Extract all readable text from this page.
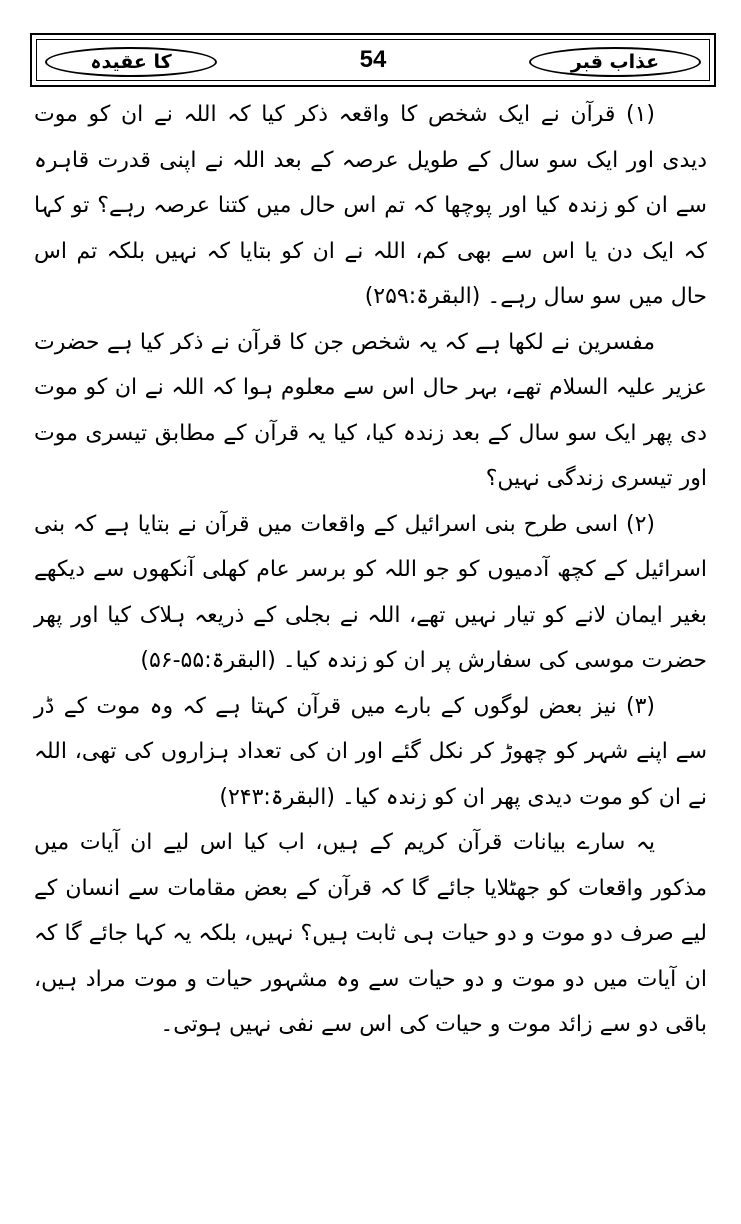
عذاب قبر
54
کا عقیدہ

(۱) قرآن نے ایک شخص کا واقعہ ذکر کیا کہ اللہ نے ان کو موت دیدی اور ایک سو سال کے طویل عرصہ کے بعد اللہ نے اپنی قدرت قاہرہ سے ان کو زندہ کیا اور پوچھا کہ تم اس حال میں کتنا عرصہ رہے؟ تو کہا کہ ایک دن یا اس سے بھی کم، اللہ نے ان کو بتایا کہ نہیں بلکہ تم اس حال میں سو سال رہے۔ (البقرۃ:۲۵۹)

مفسرین نے لکھا ہے کہ یہ شخص جن کا قرآن نے ذکر کیا ہے حضرت عزیر علیہ السلام تھے، بہر حال اس سے معلوم ہوا کہ اللہ نے ان کو موت دی پھر ایک سو سال کے بعد زندہ کیا، کیا یہ قرآن کے مطابق تیسری موت اور تیسری زندگی نہیں؟

(۲) اسی طرح بنی اسرائیل کے واقعات میں قرآن نے بتایا ہے کہ بنی اسرائیل کے کچھ آدمیوں کو جو اللہ کو برسر عام کھلی آنکھوں سے دیکھے بغیر ایمان لانے کو تیار نہیں تھے، اللہ نے بجلی کے ذریعہ ہلاک کیا اور پھر حضرت موسی کی سفارش پر ان کو زندہ کیا۔ (البقرۃ:۵۵-۵۶)

(۳) نیز بعض لوگوں کے بارے میں قرآن کہتا ہے کہ وہ موت کے ڈر سے اپنے شہر کو چھوڑ کر نکل گئے اور ان کی تعداد ہزاروں کی تھی، اللہ نے ان کو موت دیدی پھر ان کو زندہ کیا۔ (البقرۃ:۲۴۳)

یہ سارے بیانات قرآن کریم کے ہیں، اب کیا اس لیے ان آیات میں مذکور واقعات کو جھٹلایا جائے گا کہ قرآن کے بعض مقامات سے انسان کے لیے صرف دو موت و دو حیات ہی ثابت ہیں؟ نہیں، بلکہ یہ کہا جائے گا کہ ان آیات میں دو موت و دو حیات سے وہ مشہور حیات و موت مراد ہیں، باقی دو سے زائد موت و حیات کی اس سے نفی نہیں ہوتی۔
